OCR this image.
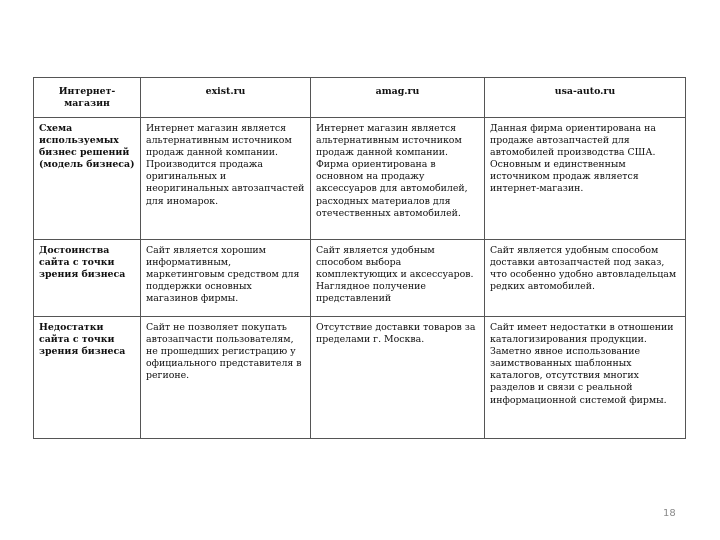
Интернет-магазин	exist.ru	amag.ru	usa-auto.ru
Схема используемых бизнес решений (модель бизнеса)	Интернет магазин является альтернативным источником продаж данной компании. Производится продажа оригинальных и неоригинальных автозапчастей для иномарок.	Интернет магазин является альтернативным источником продаж данной компании. Фирма ориентирована в основном на продажу аксессуаров для автомобилей, расходных материалов для отечественных автомобилей.	Данная фирма ориентирована на продаже автозапчастей для автомобилей производства США. Основным и единственным источником продаж является интернет-магазин.
Достоинства сайта с точки зрения бизнеса	Сайт является хорошим информативным, маркетинговым средством для поддержки основных магазинов фирмы.	Сайт является удобным способом выбора комплектующих и аксессуаров. Наглядное получение представлений	Сайт является удобным способом доставки автозапчастей под заказ, что особенно удобно автовладельцам редких автомобилей.
Недостатки сайта с точки зрения бизнеса	Сайт не позволяет покупать автозапчасти пользователям, не прошедших регистрацию у официального представителя в регионе.	Отсутствие доставки товаров за пределами г. Москва.	Сайт имеет недостатки в отношении каталогизирования продукции. Заметно явное использование заимствованных шаблонных каталогов, отсутствия многих разделов и связи с реальной информационной системой фирмы.
18
